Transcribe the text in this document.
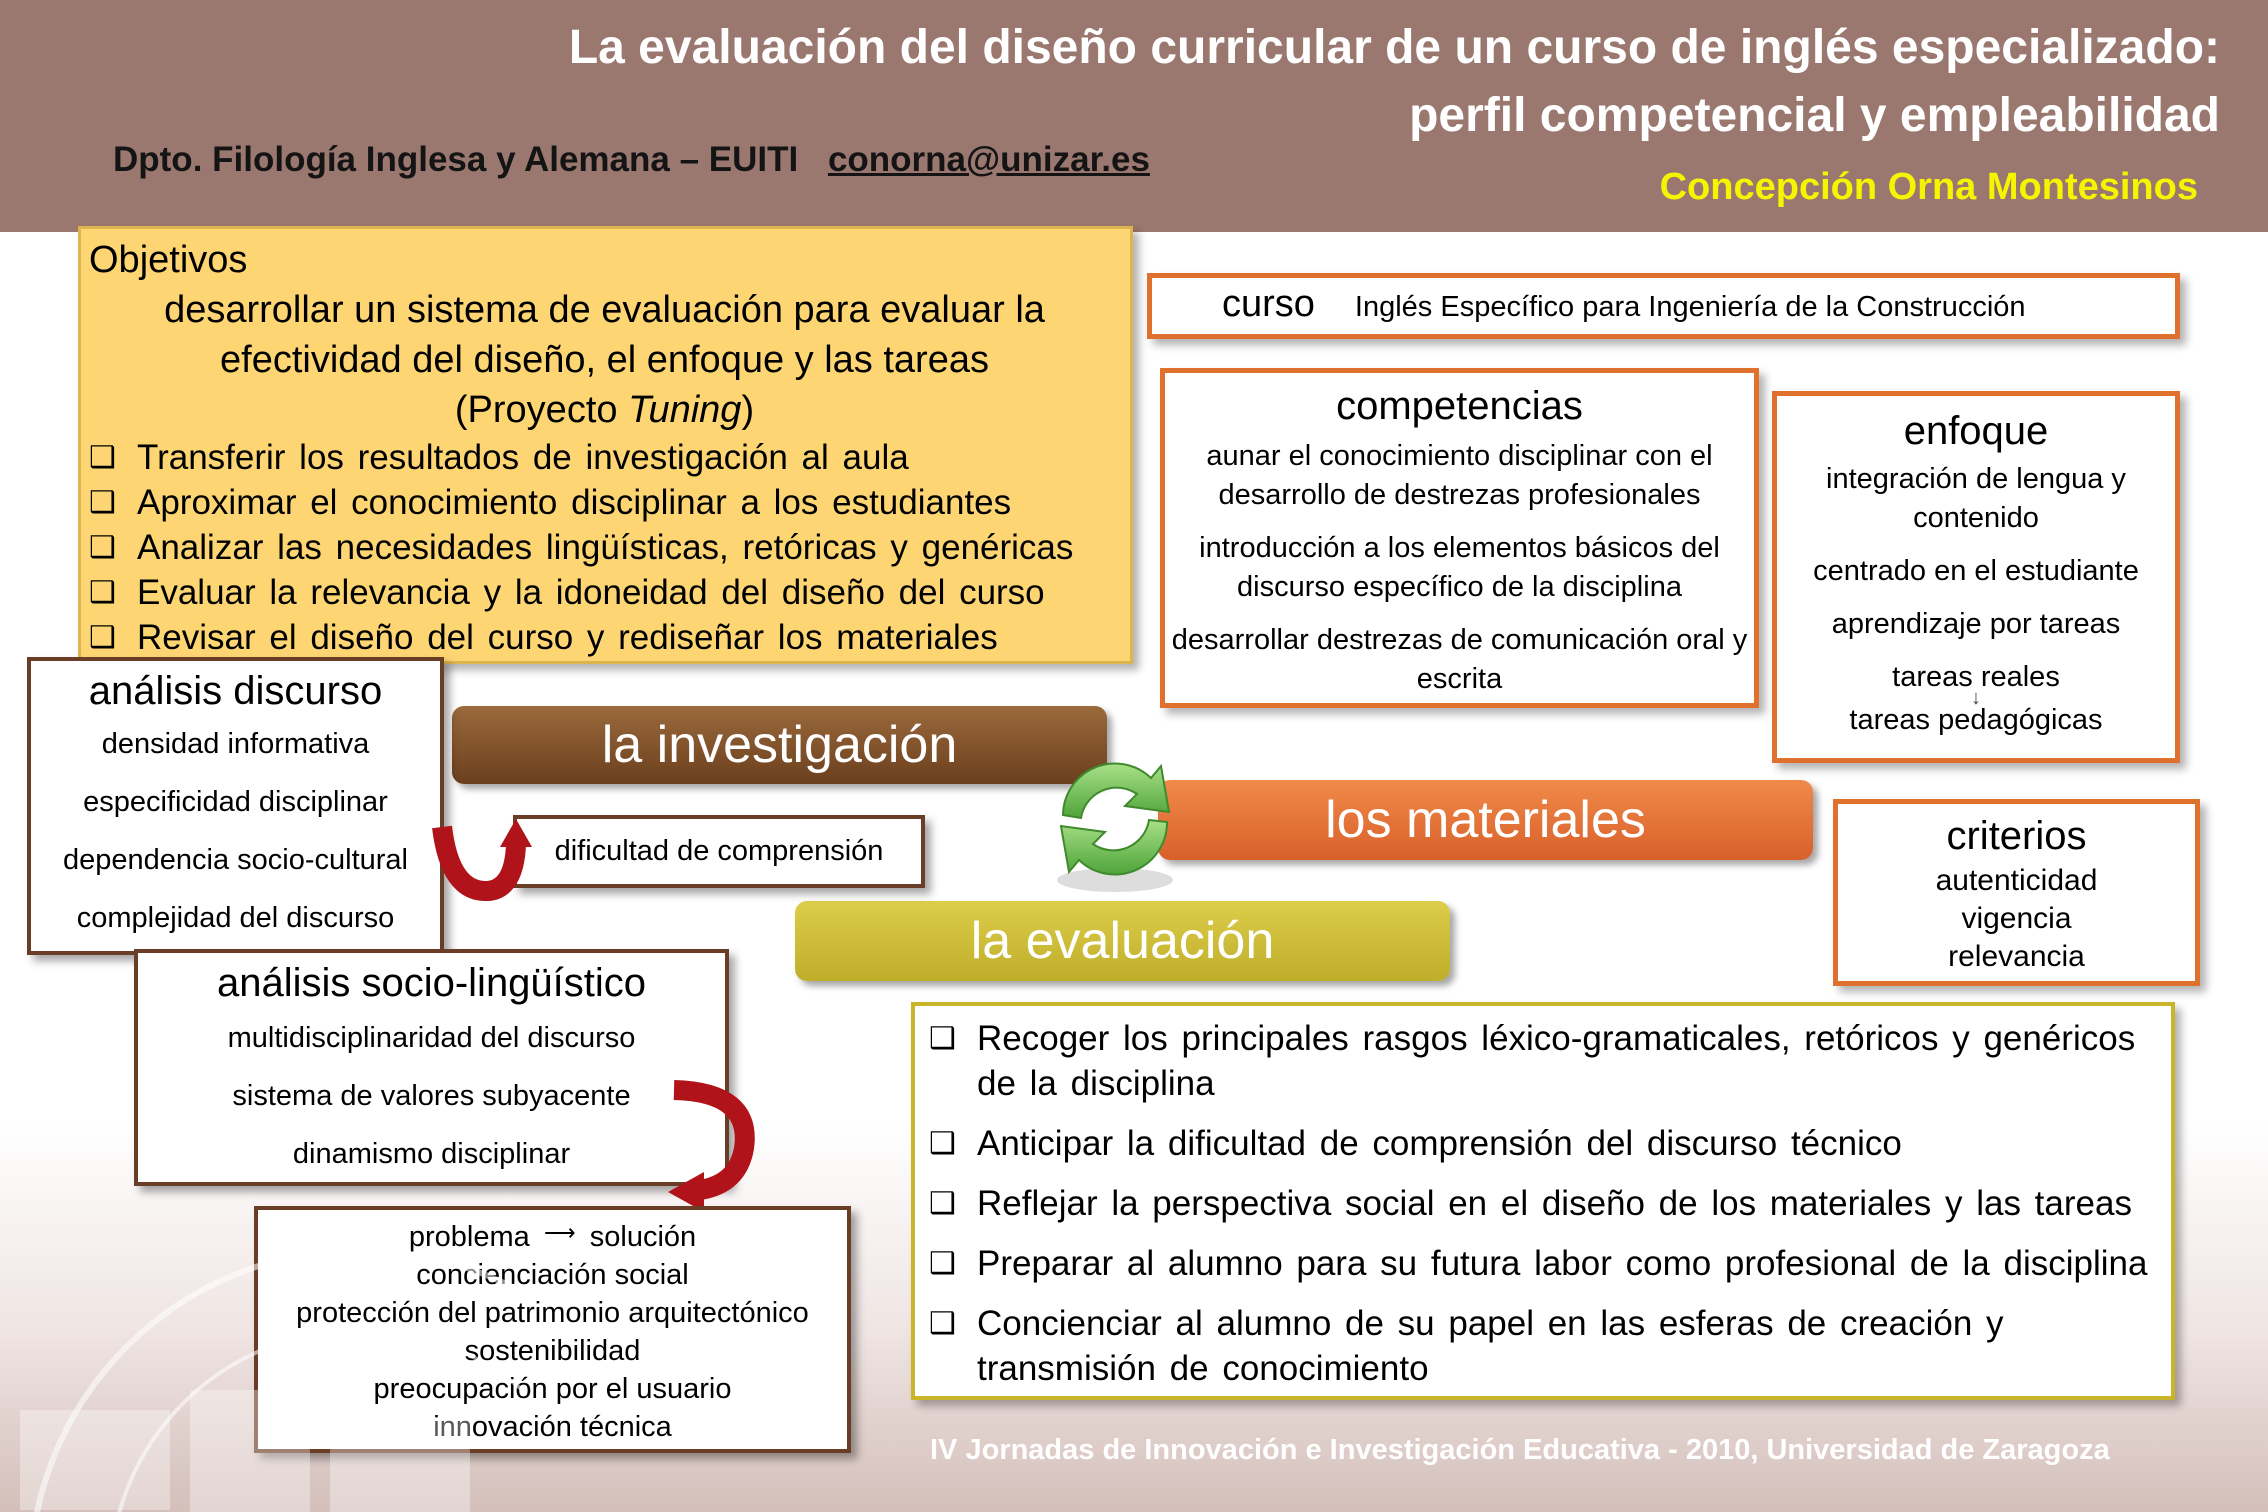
La evaluación del diseño curricular de un curso de inglés especializado:
perfil competencial y empleabilidad
Dpto. Filología Inglesa y Alemana – EUITI conorna@unizar.es
Concepción Orna Montesinos
Objetivos
desarrollar un sistema de evaluación para evaluar la
efectividad del diseño, el enfoque y las tareas
(Proyecto Tuning)
❑ Transferir los resultados de investigación al aula
❑ Aproximar el conocimiento disciplinar a los estudiantes
❑ Analizar las necesidades lingüísticas, retóricas y genéricas
❑ Evaluar la relevancia y la idoneidad del diseño del curso
❑ Revisar el diseño del curso y rediseñar los materiales
curso Inglés Específico para Ingeniería de la Construcción
competencias
aunar el conocimiento disciplinar con el desarrollo de destrezas profesionales
introducción a los elementos básicos del discurso específico de la disciplina
desarrollar destrezas de comunicación oral y escrita
enfoque
integración de lengua y contenido
centrado en el estudiante
aprendizaje por tareas
tareas reales
↓
tareas pedagógicas
criterios
autenticidad
vigencia
relevancia
la investigación
los materiales
la evaluación
análisis discurso
densidad informativa
especificidad disciplinar
dependencia socio-cultural
complejidad del discurso
dificultad de comprensión
análisis socio-lingüístico
multidisciplinaridad del discurso
sistema de valores subyacente
dinamismo disciplinar
problema ⟶ solución
concienciación social
protección del patrimonio arquitectónico
sostenibilidad
preocupación por el usuario
innovación técnica
❑ Recoger los principales rasgos léxico-gramaticales, retóricos y genéricos de la disciplina
❑ Anticipar la dificultad de comprensión del discurso técnico
❑ Reflejar la perspectiva social en el diseño de los materiales y las tareas
❑ Preparar al alumno para su futura labor como profesional de la disciplina
❑ Concienciar al alumno de su papel en las esferas de creación y transmisión de conocimiento
IV Jornadas de Innovación e Investigación Educativa - 2010, Universidad de Zaragoza
